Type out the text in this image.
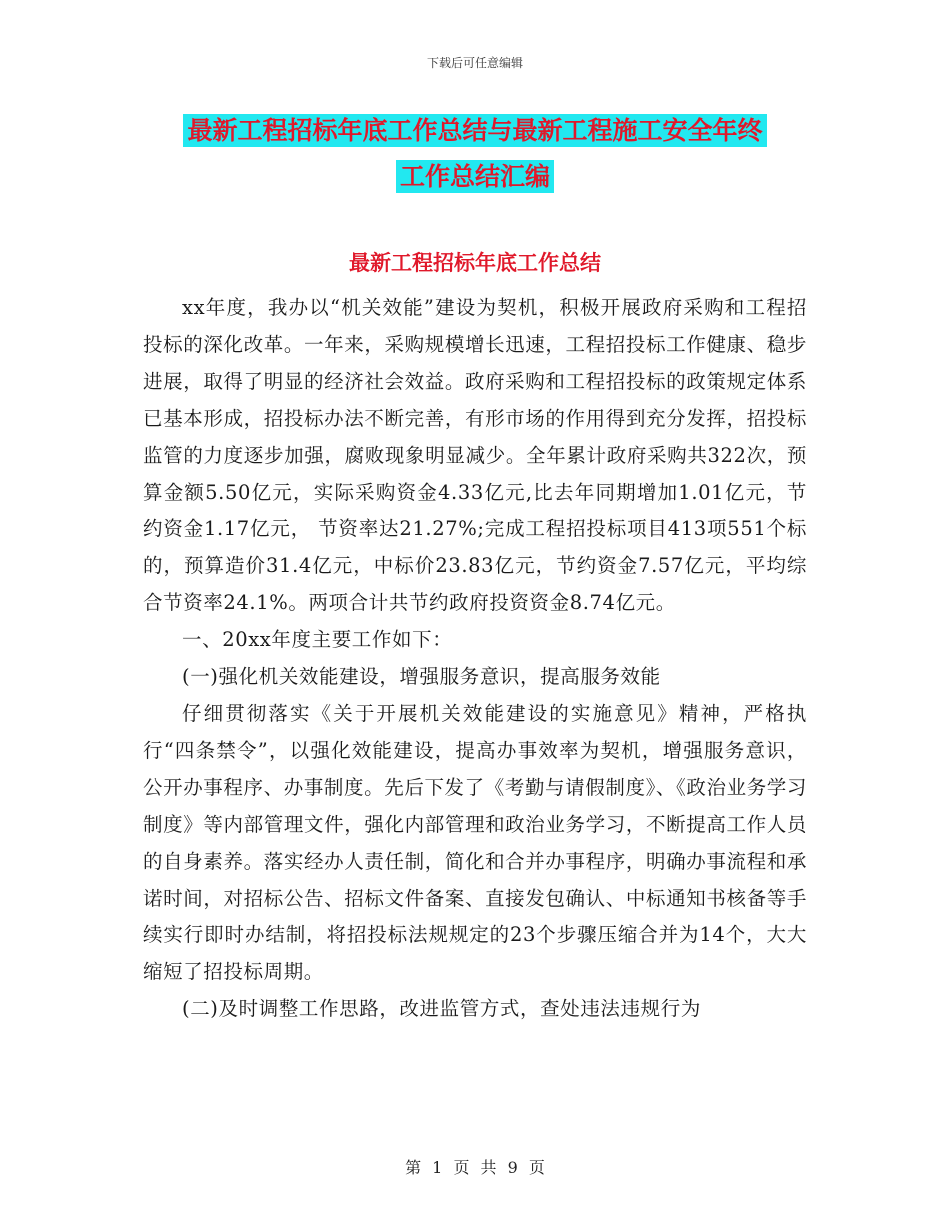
下载后可任意编辑
最新工程招标年底工作总结与最新工程施工安全年终
工作总结汇编
最新工程招标年底工作总结

xx年度，我办以“机关效能”建设为契机，积极开展政府采购和工程招投标的深化改革。一年来，采购规模增长迅速，工程招投标工作健康、稳步进展，取得了明显的经济社会效益。政府采购和工程招投标的政策规定体系已基本形成，招投标办法不断完善，有形市场的作用得到充分发挥，招投标监管的力度逐步加强，腐败现象明显减少。全年累计政府采购共322次，预算金额5.50亿元，实际采购资金4.33亿元,比去年同期增加1.01亿元，节约资金1.17亿元， 节资率达21.27%;完成工程招投标项目413项551个标的，预算造价31.4亿元，中标价23.83亿元，节约资金7.57亿元，平均综合节资率24.1%。两项合计共节约政府投资资金8.74亿元。

一、20xx年度主要工作如下：

(一)强化机关效能建设，增强服务意识，提高服务效能

仔细贯彻落实《关于开展机关效能建设的实施意见》精神，严格执行“四条禁令”，以强化效能建设，提高办事效率为契机，增强服务意识，公开办事程序、办事制度。先后下发了《考勤与请假制度》、《政治业务学习制度》等内部管理文件，强化内部管理和政治业务学习，不断提高工作人员的自身素养。落实经办人责任制，简化和合并办事程序，明确办事流程和承诺时间，对招标公告、招标文件备案、直接发包确认、中标通知书核备等手续实行即时办结制，将招投标法规规定的23个步骤压缩合并为14个，大大缩短了招投标周期。

(二)及时调整工作思路，改进监管方式，查处违法违规行为

第 1 页 共 9 页
